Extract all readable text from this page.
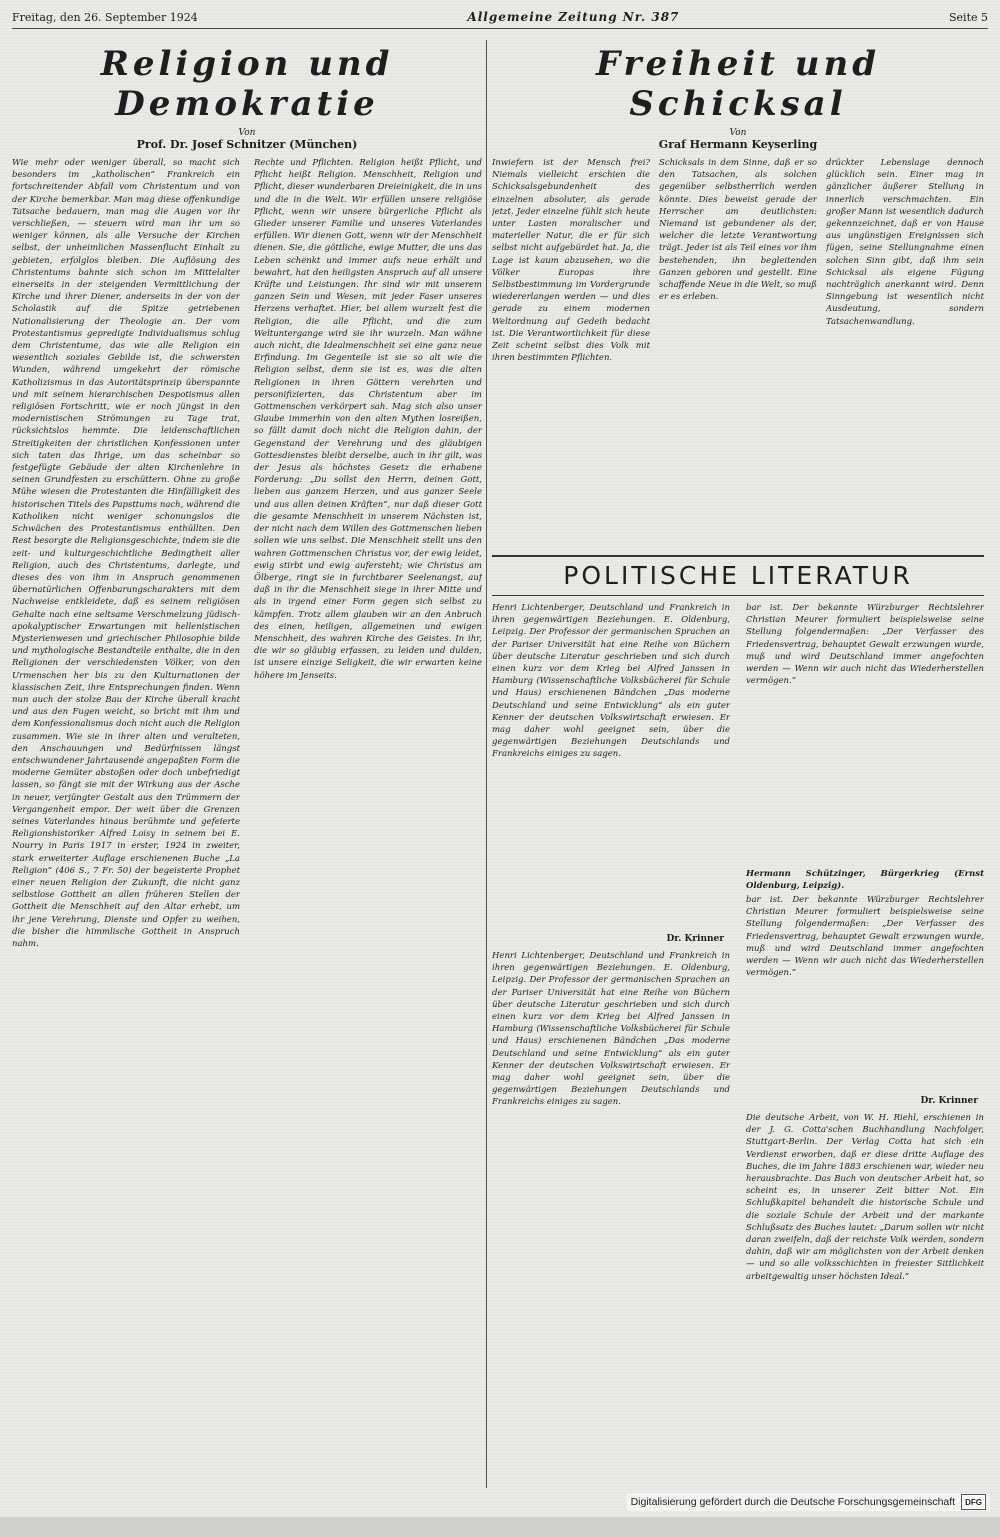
Freitag, den 26. September 1924	Allgemeine Zeitung Nr. 387	Seite 5
Religion und Demokratie
Von
Prof. Dr. Josef Schnitzer (München)

Wie mehr oder weniger überall, so macht sich besonders im „katholischen“ Frankreich ein fortschreitender Abfall vom Christentum und von der Kirche bemerkbar. Man mag diese offenkundige Tatsache bedauern, man mag die Augen vor ihr verschließen, — steuern wird man ihr um so weniger können, als alle Versuche der Kirchen selbst, der unheimlichen Massenflucht Einhalt zu gebieten, erfolglos bleiben. Die Auflösung des Christentums bahnte sich schon im Mittelalter einerseits in der steigenden Vermittlichung der Kirche und ihrer Diener, anderseits in der von der Scholastik auf die Spitze getriebenen Nationalisierung der Theologie an. Der vom Protestantismus gepredigte Individualismus schlug dem Christentume, das wie alle Religion ein wesentlich soziales Gebilde ist, die schwersten Wunden, während umgekehrt der römische Katholizismus in das Autoritätsprinzip überspannte und mit seinem hierarchischen Despotismus allen religiösen Fortschritt, wie er noch jüngst in den modernistischen Strömungen zu Tage trat, rücksichtslos hemmte. Die leidenschaftlichen Streitigkeiten der christlichen Konfessionen unter sich taten das Ihrige, um das scheinbar so festgefügte Gebäude der alten Kirchenlehre in seinen Grundfesten zu erschüttern. Ohne zu große Mühe wiesen die Protestanten die Hinfälligkeit des historischen Titels des Papsttums nach, während die Katholiken nicht weniger schonungslos die Schwächen des Protestantismus enthüllten. Den Rest besorgte die Religionsgeschichte, indem sie die zeit- und kulturgeschichtliche Bedingtheit aller Religion, auch des Christentums, darlegte, und dieses des von ihm in Anspruch genommenen übernatürlichen Offenbarungscharakters mit dem Nachweise entkleidete, daß es seinem religiösen Gehalte nach eine seltsame Verschmelzung jüdisch-apokalyptischer Erwartungen mit hellenistischen Mysterienwesen und griechischer Philosophie bilde und mythologische Bestandteile enthalte, die in den Religionen der verschiedensten Völker, von den Urmenschen her bis zu den Kulturnationen der klassischen Zeit, ihre Entsprechungen finden. Wenn nun auch der stolze Bau der Kirche überall kracht und aus den Fugen weicht, so bricht mit ihm und dem Konfessionalismus doch nicht auch die Religion zusammen. Wie sie in ihrer alten und veralteten, den Anschauungen und Bedürfnissen längst entschwundener Jahrtausende angepaßten Form die moderne Gemüter abstoßen oder doch unbefriedigt lassen, so fängt sie mit der Wirkung aus der Asche in neuer, verjüngter Gestalt aus den Trümmern der Vergangenheit empor. Der weit über die Grenzen seines Vaterlandes hinaus berühmte und gefeierte Religionshistoriker Alfred Loisy in seinem bei E. Nourry in Paris 1917 in erster, 1924 in zweiter, stark erweiterter Auflage erschienenen Buche „La Religion“ (406 S., 7 Fr. 50) der begeisterte Prophet einer neuen Religion der Zukunft, die nicht ganz selbstlose Gottheit an allen früheren Stellen der Gottheit die Menschheit auf den Altar erhebt, um ihr jene Verehrung, Dienste und Opfer zu weihen, die bisher die himmlische Gottheit in Anspruch nahm.

Rechte und Pflichten. Religion heißt Pflicht, und Pflicht heißt Religion. Menschheit, Religion und Pflicht, dieser wunderbaren Dreieinigkeit, die in uns und die in die Welt. Wir erfüllen unsere religiöse Pflicht, wenn wir unsere bürgerliche Pflicht als Glieder unserer Familie und unseres Vaterlandes erfüllen. Wir dienen Gott, wenn wir der Menschheit dienen. Sie, die göttliche, ewige Mutter, die uns das Leben schenkt und immer aufs neue erhält und bewahrt, hat den heiligsten Anspruch auf all unsere Kräfte und Leistungen. Ihr sind wir mit unserem ganzen Sein und Wesen, mit jeder Faser unseres Herzens verhaftet. Hier, bei allem wurzelt fest die Religion, die alle Pflicht, und die zum Weltuntergange wird sie ihr wurzeln. Man wähne auch nicht, die Idealmenschheit sei eine ganz neue Erfindung. Im Gegenteile ist sie so alt wie die Religion selbst, denn sie ist es, was die alten Religionen in ihren Göttern verehrten und personifizierten, das Christentum aber im Gottmenschen verkörpert sah. Mag sich also unser Glaube immerhin von den alten Mythen losreißen, so fällt damit doch nicht die Religion dahin, der Gegenstand der Verehrung und des gläubigen Gottesdienstes bleibt derselbe, auch in ihr gilt, was der Jesus als höchstes Gesetz die erhabene Forderung: „Du sollst den Herrn, deinen Gott, lieben aus ganzem Herzen, und aus ganzer Seele und aus allen deinen Kräften“, nur daß dieser Gott die gesamte Menschheit in unserem Nächsten ist, der nicht nach dem Willen des Gottmenschen lieben sollen wie uns selbst. Die Menschheit stellt uns den wahren Gottmenschen Christus vor, der ewig leidet, ewig stirbt und ewig aufersteht; wie Christus am Ölberge, ringt sie in furchtbarer Seelenangst, auf daß in ihr die Menschheit siege in ihrer Mitte und als in irgend einer Form gegen sich selbst zu kämpfen. Trotz allem glauben wir an den Anbruch des einen, heiligen, allgemeinen und ewigen Menschheit, des wahren Kirche des Geistes. In ihr, die wir so gläubig erfassen, zu leiden und dulden, ist unsere einzige Seligkeit, die wir erwarten keine höhere im Jenseits.

Freiheit und Schicksal
Von
Graf Hermann Keyserling

Inwiefern ist der Mensch frei? Niemals vielleicht erschien die Schicksalsgebundenheit des einzelnen absoluter, als gerade jetzt. Jeder einzelne fühlt sich heute unter Lasten moralischer und materieller Natur, die er für sich selbst nicht aufgebürdet hat. Ja, die Lage ist kaum abzusehen, wo die Völker Europas ihre Selbstbestimmung im Vordergrunde wiedererlangen werden — und dies gerade zu einem modernen Weltordnung auf Gedeih bedacht ist. Die Verantwortlichkeit für diese Zeit scheint selbst dies Volk mit ihren bestimmten Pflichten.

Schicksals in dem Sinne, daß er so den Tatsachen, als solchen gegenüber selbstherrlich werden könnte. Dies beweist gerade der Herrscher am deutlichsten: Niemand ist gebundener als der, welcher die letzte Verantwortung trägt. Jeder ist als Teil eines vor ihm bestehenden, ihn begleitenden Ganzen geboren und gestellt. Eine schaffende Neue in die Welt, so muß er es erleben.

drückter Lebenslage dennoch glücklich sein. Einer mag in gänzlicher äußerer Stellung in innerlich verschmachten. Ein großer Mann ist wesentlich dadurch gekennzeichnet, daß er von Hause aus ungünstigen Ereignissen sich fügen, seine Stellungnahme einen solchen Sinn gibt, daß ihm sein Schicksal als eigene Fügung nachträglich anerkannt wird. Denn Sinngebung ist wesentlich nicht Ausdeutung, sondern Tatsachenwandlung.

POLITISCHE LITERATUR

Henri Lichtenberger, Deutschland und Frankreich in ihren gegenwärtigen Beziehungen. E. Oldenburg, Leipzig. Der Professor der germanischen Sprachen an der Pariser Universität hat eine Reihe von Büchern über deutsche Literatur geschrieben und sich durch einen kurz vor dem Krieg bei Alfred Janssen in Hamburg (Wissenschaftliche Volksbücherei für Schule und Haus) erschienenen Bändchen „Das moderne Deutschland und seine Entwicklung“ als ein guter Kenner der deutschen Volkswirtschaft erwiesen. Er mag daher wohl geeignet sein, über die gegenwärtigen Beziehungen Deutschlands und Frankreichs einiges zu sagen.

Dr. Krinner

Henri Lichtenberger, Deutschland und Frankreich in ihren gegenwärtigen Beziehungen. E. Oldenburg, Leipzig. Der Professor der germanischen Sprachen an der Pariser Universität hat eine Reihe von Büchern über deutsche Literatur geschrieben und sich durch einen kurz vor dem Krieg bei Alfred Janssen in Hamburg (Wissenschaftliche Volksbücherei für Schule und Haus) erschienenen Bändchen „Das moderne Deutschland und seine Entwicklung“ als ein guter Kenner der deutschen Volkswirtschaft erwiesen. Er mag daher wohl geeignet sein, über die gegenwärtigen Beziehungen Deutschlands und Frankreichs einiges zu sagen.

bar ist. Der bekannte Würzburger Rechtslehrer Christian Meurer formuliert beispielsweise seine Stellung folgendermaßen: „Der Verfasser des Friedensvertrag, behauptet Gewalt erzwungen wurde, muß und wird Deutschland immer angefochten werden — Wenn wir auch nicht das Wiederherstellen vermögen.“

Hermann Schützinger, Bürgerkrieg (Ernst Oldenburg, Leipzig).

bar ist. Der bekannte Würzburger Rechtslehrer Christian Meurer formuliert beispielsweise seine Stellung folgendermaßen: „Der Verfasser des Friedensvertrag, behauptet Gewalt erzwungen wurde, muß und wird Deutschland immer angefochten werden — Wenn wir auch nicht das Wiederherstellen vermögen.“

Dr. Krinner

Die deutsche Arbeit, von W. H. Riehl, erschienen in der J. G. Cotta'schen Buchhandlung Nachfolger, Stuttgart-Berlin. Der Verlag Cotta hat sich ein Verdienst erworben, daß er diese dritte Auflage des Buches, die im Jahre 1883 erschienen war, wieder neu herausbrachte. Das Buch von deutscher Arbeit hat, so scheint es, in unserer Zeit bitter Not. Ein Schlußkapitel behandelt die historische Schule und die soziale Schule der Arbeit und der markante Schlußsatz des Buches lautet: „Darum sollen wir nicht daran zweifeln, daß der reichste Volk werden, sondern dahin, daß wir am möglichsten von der Arbeit denken — und so alle volksschichten in freiester Sittlichkeit arbeitgewaltig unser höchsten Ideal.“

Digitalisierung gefördert durch die Deutsche Forschungsgemeinschaft	DFG
